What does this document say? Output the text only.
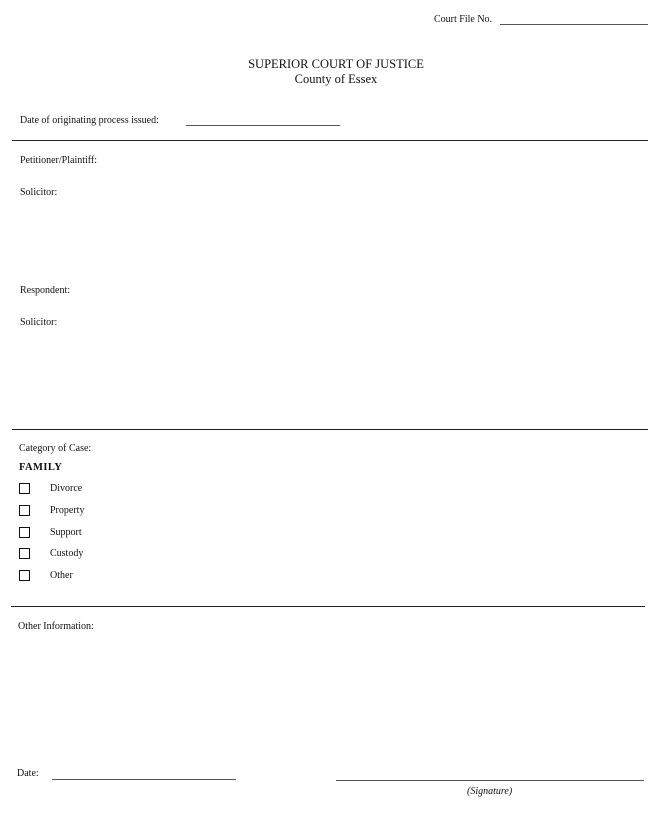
Court File No.
SUPERIOR COURT OF JUSTICE
County of Essex
Date of originating process issued:
Petitioner/Plaintiff:
Solicitor:
Respondent:
Solicitor:
Category of Case:
FAMILY
Divorce
Property
Support
Custody
Other
Other Information:
Date:
(Signature)
